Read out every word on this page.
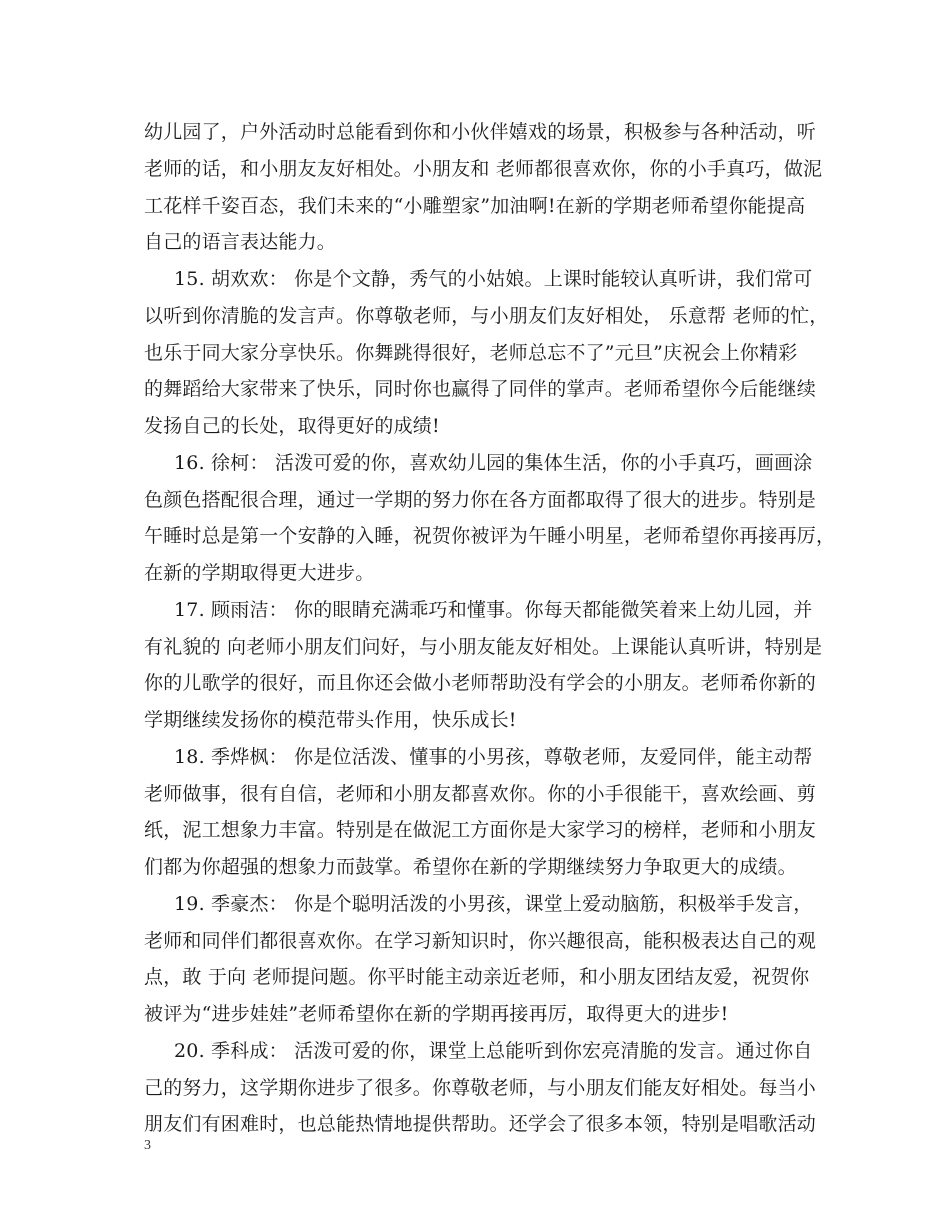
幼儿园了，户外活动时总能看到你和小伙伴嬉戏的场景，积极参与各种活动，听
老师的话，和小朋友友好相处。小朋友和 老师都很喜欢你，你的小手真巧，做泥
工花样千姿百态，我们未来的“小雕塑家”加油啊!在新的学期老师希望你能提高
自己的语言表达能力。
15. 胡欢欢： 你是个文静，秀气的小姑娘。上课时能较认真听讲，我们常可
以听到你清脆的发言声。你尊敬老师，与小朋友们友好相处， 乐意帮 老师的忙，
也乐于同大家分享快乐。你舞跳得很好，老师总忘不了”元旦”庆祝会上你精彩
的舞蹈给大家带来了快乐，同时你也赢得了同伴的掌声。老师希望你今后能继续
发扬自己的长处，取得更好的成绩!
16. 徐柯： 活泼可爱的你，喜欢幼儿园的集体生活，你的小手真巧，画画涂
色颜色搭配很合理，通过一学期的努力你在各方面都取得了很大的进步。特别是
午睡时总是第一个安静的入睡，祝贺你被评为午睡小明星，老师希望你再接再厉，
在新的学期取得更大进步。
17. 顾雨洁： 你的眼睛充满乖巧和懂事。你每天都能微笑着来上幼儿园，并
有礼貌的 向老师小朋友们问好，与小朋友能友好相处。上课能认真听讲，特别是
你的儿歌学的很好，而且你还会做小老师帮助没有学会的小朋友。老师希你新的
学期继续发扬你的模范带头作用，快乐成长!
18. 季烨枫： 你是位活泼、懂事的小男孩，尊敬老师，友爱同伴，能主动帮
老师做事，很有自信，老师和小朋友都喜欢你。你的小手很能干，喜欢绘画、剪
纸，泥工想象力丰富。特别是在做泥工方面你是大家学习的榜样，老师和小朋友
们都为你超强的想象力而鼓掌。希望你在新的学期继续努力争取更大的成绩。
19. 季豪杰： 你是个聪明活泼的小男孩，课堂上爱动脑筋，积极举手发言，
老师和同伴们都很喜欢你。在学习新知识时，你兴趣很高，能积极表达自己的观
点，敢 于向 老师提问题。你平时能主动亲近老师，和小朋友团结友爱，祝贺你
被评为“进步娃娃”老师希望你在新的学期再接再厉，取得更大的进步!
20. 季科成： 活泼可爱的你，课堂上总能听到你宏亮清脆的发言。通过你自
己的努力，这学期你进步了很多。你尊敬老师，与小朋友们能友好相处。每当小
朋友们有困难时，也总能热情地提供帮助。还学会了很多本领，特别是唱歌活动
3
